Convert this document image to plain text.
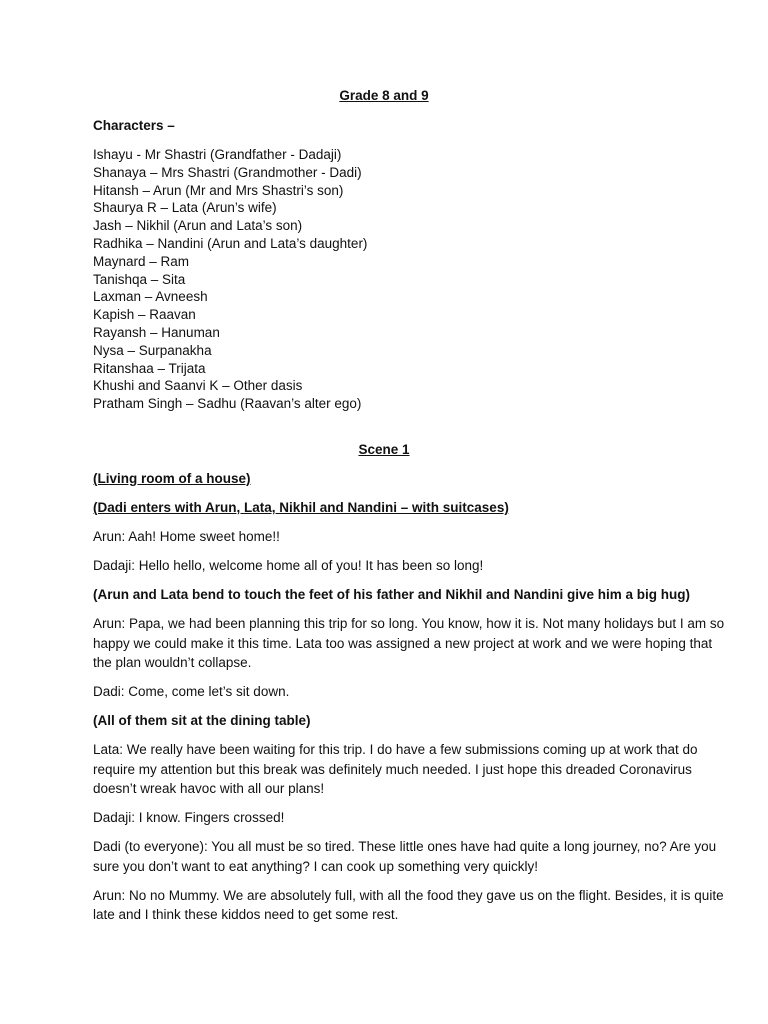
Grade 8 and 9
Characters –
Ishayu - Mr Shastri (Grandfather - Dadaji)
Shanaya – Mrs Shastri (Grandmother - Dadi)
Hitansh – Arun (Mr and Mrs Shastri’s son)
Shaurya R – Lata (Arun’s wife)
Jash – Nikhil (Arun and Lata’s son)
Radhika – Nandini (Arun and Lata’s daughter)
Maynard – Ram
Tanishqa – Sita
Laxman – Avneesh
Kapish – Raavan
Rayansh – Hanuman
Nysa – Surpanakha
Ritanshaa – Trijata
Khushi and Saanvi K – Other dasis
Pratham Singh – Sadhu (Raavan’s alter ego)
Scene 1

(Living room of a house)

(Dadi enters with Arun, Lata, Nikhil and Nandini – with suitcases)

Arun: Aah! Home sweet home!!

Dadaji: Hello hello, welcome home all of you! It has been so long!

(Arun and Lata bend to touch the feet of his father and Nikhil and Nandini give him a big hug)

Arun: Papa, we had been planning this trip for so long. You know, how it is. Not many holidays but I am so happy we could make it this time. Lata too was assigned a new project at work and we were hoping that the plan wouldn’t collapse.

Dadi: Come, come let’s sit down.

(All of them sit at the dining table)

Lata: We really have been waiting for this trip. I do have a few submissions coming up at work that do require my attention but this break was definitely much needed. I just hope this dreaded Coronavirus doesn’t wreak havoc with all our plans!

Dadaji: I know. Fingers crossed!

Dadi (to everyone): You all must be so tired. These little ones have had quite a long journey, no? Are you sure you don’t want to eat anything? I can cook up something very quickly!

Arun: No no Mummy. We are absolutely full, with all the food they gave us on the flight. Besides, it is quite late and I think these kiddos need to get some rest.
